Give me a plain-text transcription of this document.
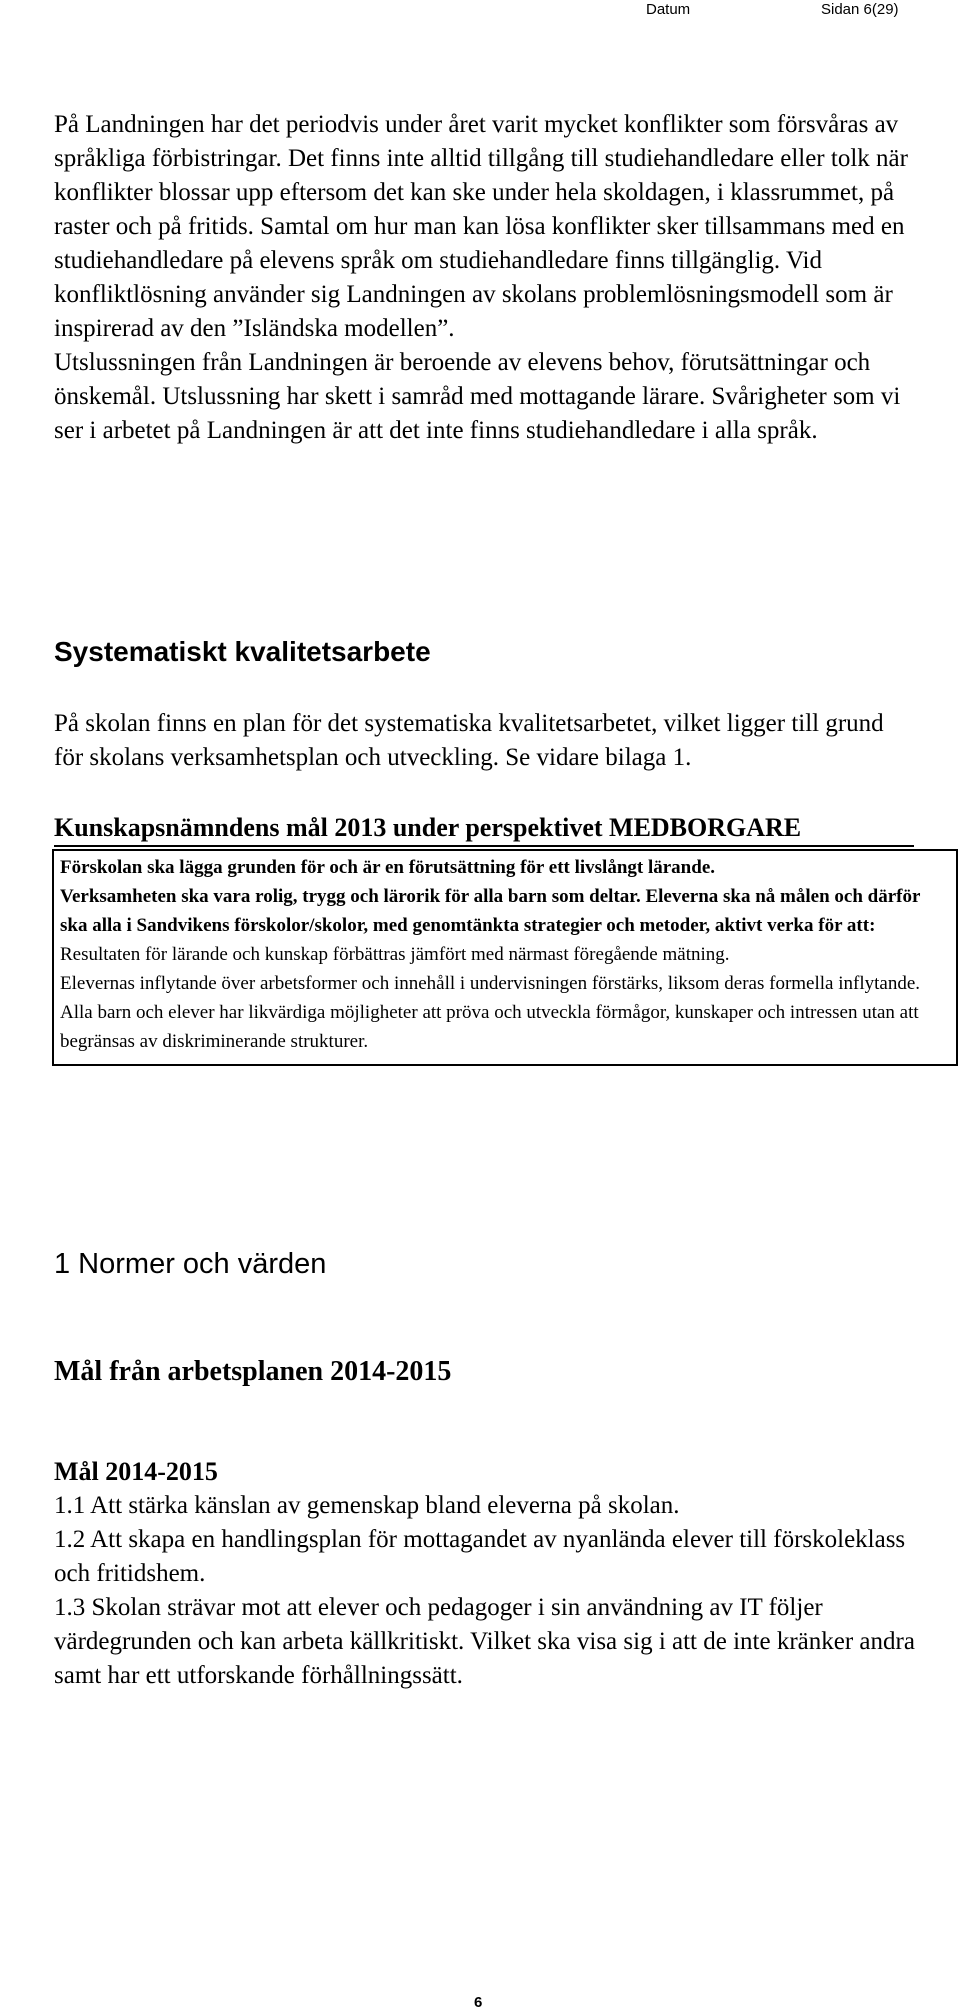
Datum	Sidan 6(29)

På Landningen har det periodvis under året varit mycket konflikter som försvåras av språkliga förbistringar. Det finns inte alltid tillgång till studiehandledare eller tolk när konflikter blossar upp eftersom det kan ske under hela skoldagen, i klassrummet, på raster och på fritids. Samtal om hur man kan lösa konflikter sker tillsammans med en studiehandledare på elevens språk om studiehandledare finns tillgänglig. Vid konfliktlösning använder sig Landningen av skolans problemlösningsmodell som är inspirerad av den ”Isländska modellen”.

Utslussningen från Landningen är beroende av elevens behov, förutsättningar och önskemål. Utslussning har skett i samråd med mottagande lärare. Svårigheter som vi ser i arbetet på Landningen är att det inte finns studiehandledare i alla språk.

Systematiskt kvalitetsarbete

På skolan finns en plan för det systematiska kvalitetsarbetet, vilket ligger till grund för skolans verksamhetsplan och utveckling. Se vidare bilaga 1.

Kunskapsnämndens mål 2013 under perspektivet MEDBORGARE

Förskolan ska lägga grunden för och är en förutsättning för ett livslångt lärande.

Verksamheten ska vara rolig, trygg och lärorik för alla barn som deltar. Eleverna ska nå målen och därför ska alla i Sandvikens förskolor/skolor, med genomtänkta strategier och metoder, aktivt verka för att:

Resultaten för lärande och kunskap förbättras jämfört med närmast föregående mätning.

Elevernas inflytande över arbetsformer och innehåll i undervisningen förstärks, liksom deras formella inflytande.

Alla barn och elever har likvärdiga möjligheter att pröva och utveckla förmågor, kunskaper och intressen utan att begränsas av diskriminerande strukturer.

1 Normer och värden
Mål från arbetsplanen 2014-2015

Mål 2014-2015

1.1 Att stärka känslan av gemenskap bland eleverna på skolan.

1.2 Att skapa en handlingsplan för mottagandet av nyanlända elever till förskoleklass och fritidshem.

1.3 Skolan strävar mot att elever och pedagoger i sin användning av IT följer värdegrunden och kan arbeta källkritiskt. Vilket ska visa sig i att de inte kränker andra samt har ett utforskande förhållningssätt.

6
